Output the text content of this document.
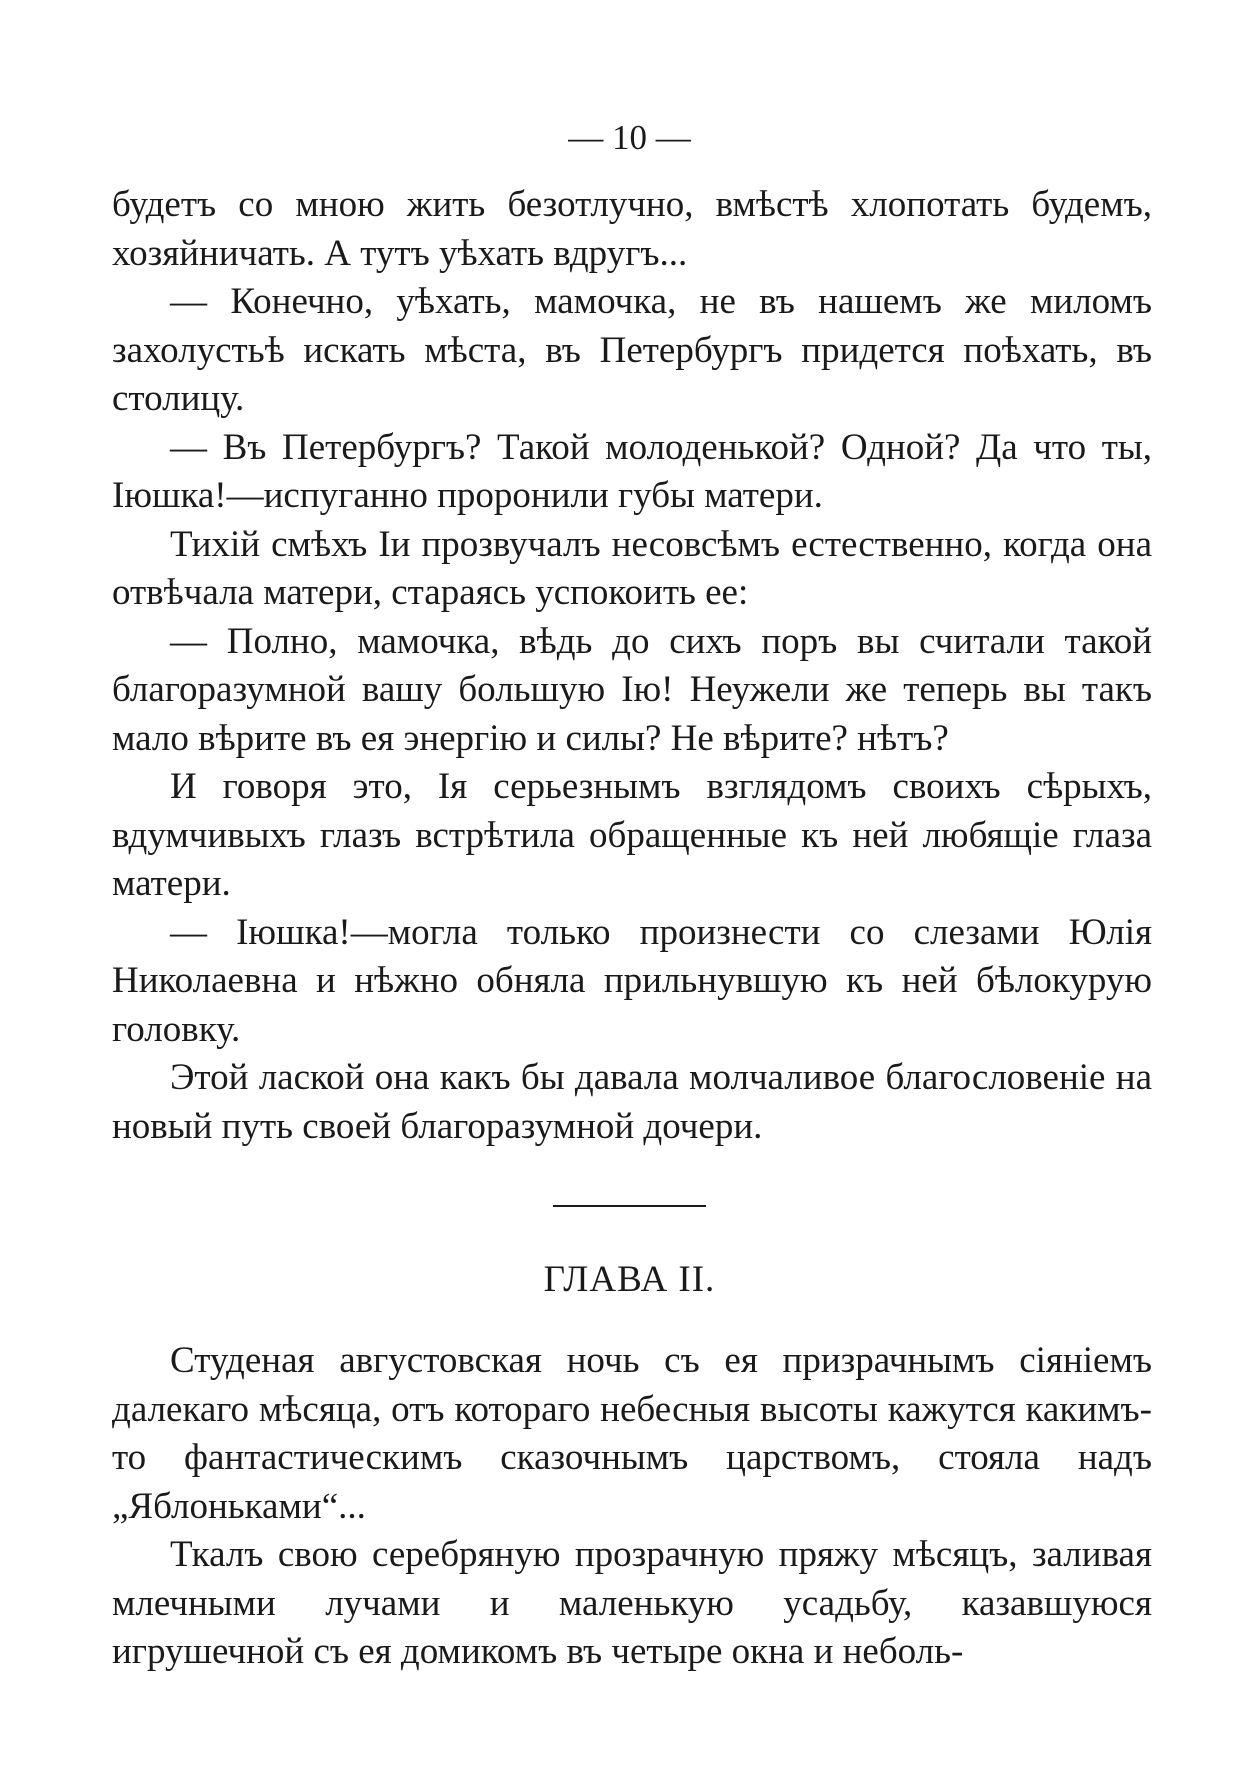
— 10 —

будетъ со мною жить безотлучно, вмѣстѣ хлопотать будемъ, хозяйничать. А тутъ уѣхать вдругъ...

— Конечно, уѣхать, мамочка, не въ нашемъ же миломъ захолустьѣ искать мѣста, въ Петербургъ придется поѣхать, въ столицу.

— Въ Петербургъ? Такой молоденькой? Одной? Да что ты, Іюшка!—испуганно проронили губы матери.

Тихій смѣхъ Іи прозвучалъ несовсѣмъ естественно, когда она отвѣчала матери, стараясь успокоить ее:

— Полно, мамочка, вѣдь до сихъ поръ вы считали такой благоразумной вашу большую Ію! Неужели же теперь вы такъ мало вѣрите въ ея энергію и силы? Не вѣрите? нѣтъ?

И говоря это, Ія серьезнымъ взглядомъ своихъ сѣрыхъ, вдумчивыхъ глазъ встрѣтила обращенные къ ней любящіе глаза матери.

— Іюшка!—могла только произнести со слезами Юлія Николаевна и нѣжно обняла прильнувшую къ ней бѣлокурую головку.

Этой лаской она какъ бы давала молчаливое благословеніе на новый путь своей благоразумной дочери.

ГЛАВА II.

Студеная августовская ночь съ ея призрачнымъ сіяніемъ далекаго мѣсяца, отъ котораго небесныя высоты кажутся какимъ-то фантастическимъ сказочнымъ царствомъ, стояла надъ „Яблоньками“...

Ткалъ свою серебряную прозрачную пряжу мѣсяцъ, заливая млечными лучами и маленькую усадьбу, казавшуюся игрушечной съ ея домикомъ въ четыре окна и неболь-
